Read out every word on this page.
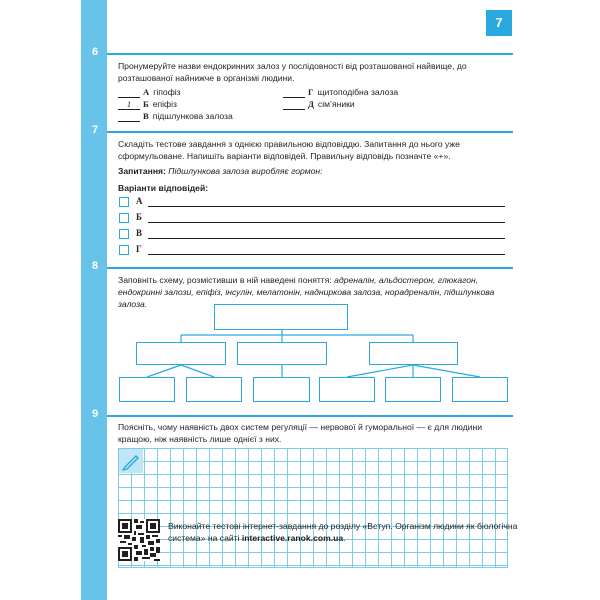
7
6
Пронумеруйте назви ендокринних залоз у послідовності від розташованої найвище, до розташованої найнижче в організмі людини.
А гіпофіз
1 Б епіфіз
В підшлункова залоза
Г щитоподібна залоза
Д сім’яники
7
Складіть тестове завдання з однією правильною відповіддю. Запитання до нього уже сформульоване. Напишіть варіанти відповідей. Правильну відповідь позначте «+».
Запитання: Підшлункова залоза виробляє гормон:
Варіанти відповідей:
А
Б
В
Г
8
Заповніть схему, розмістивши в ній наведені поняття: адреналін, альдостерон, глюкагон, ендокринні залози, епіфіз, інсулін, мелатонін, надниркова залоза, норадреналін, підшлункова залоза.
9
Поясніть, чому наявність двох систем регуляції — нервової й гуморальної — є для людини кращою, ніж наявність лише однієї з них.
Виконайте тестові інтернет-завдання до розділу «Вступ. Організм людини як біологічна система» на сайті interactive.ranok.com.ua.
